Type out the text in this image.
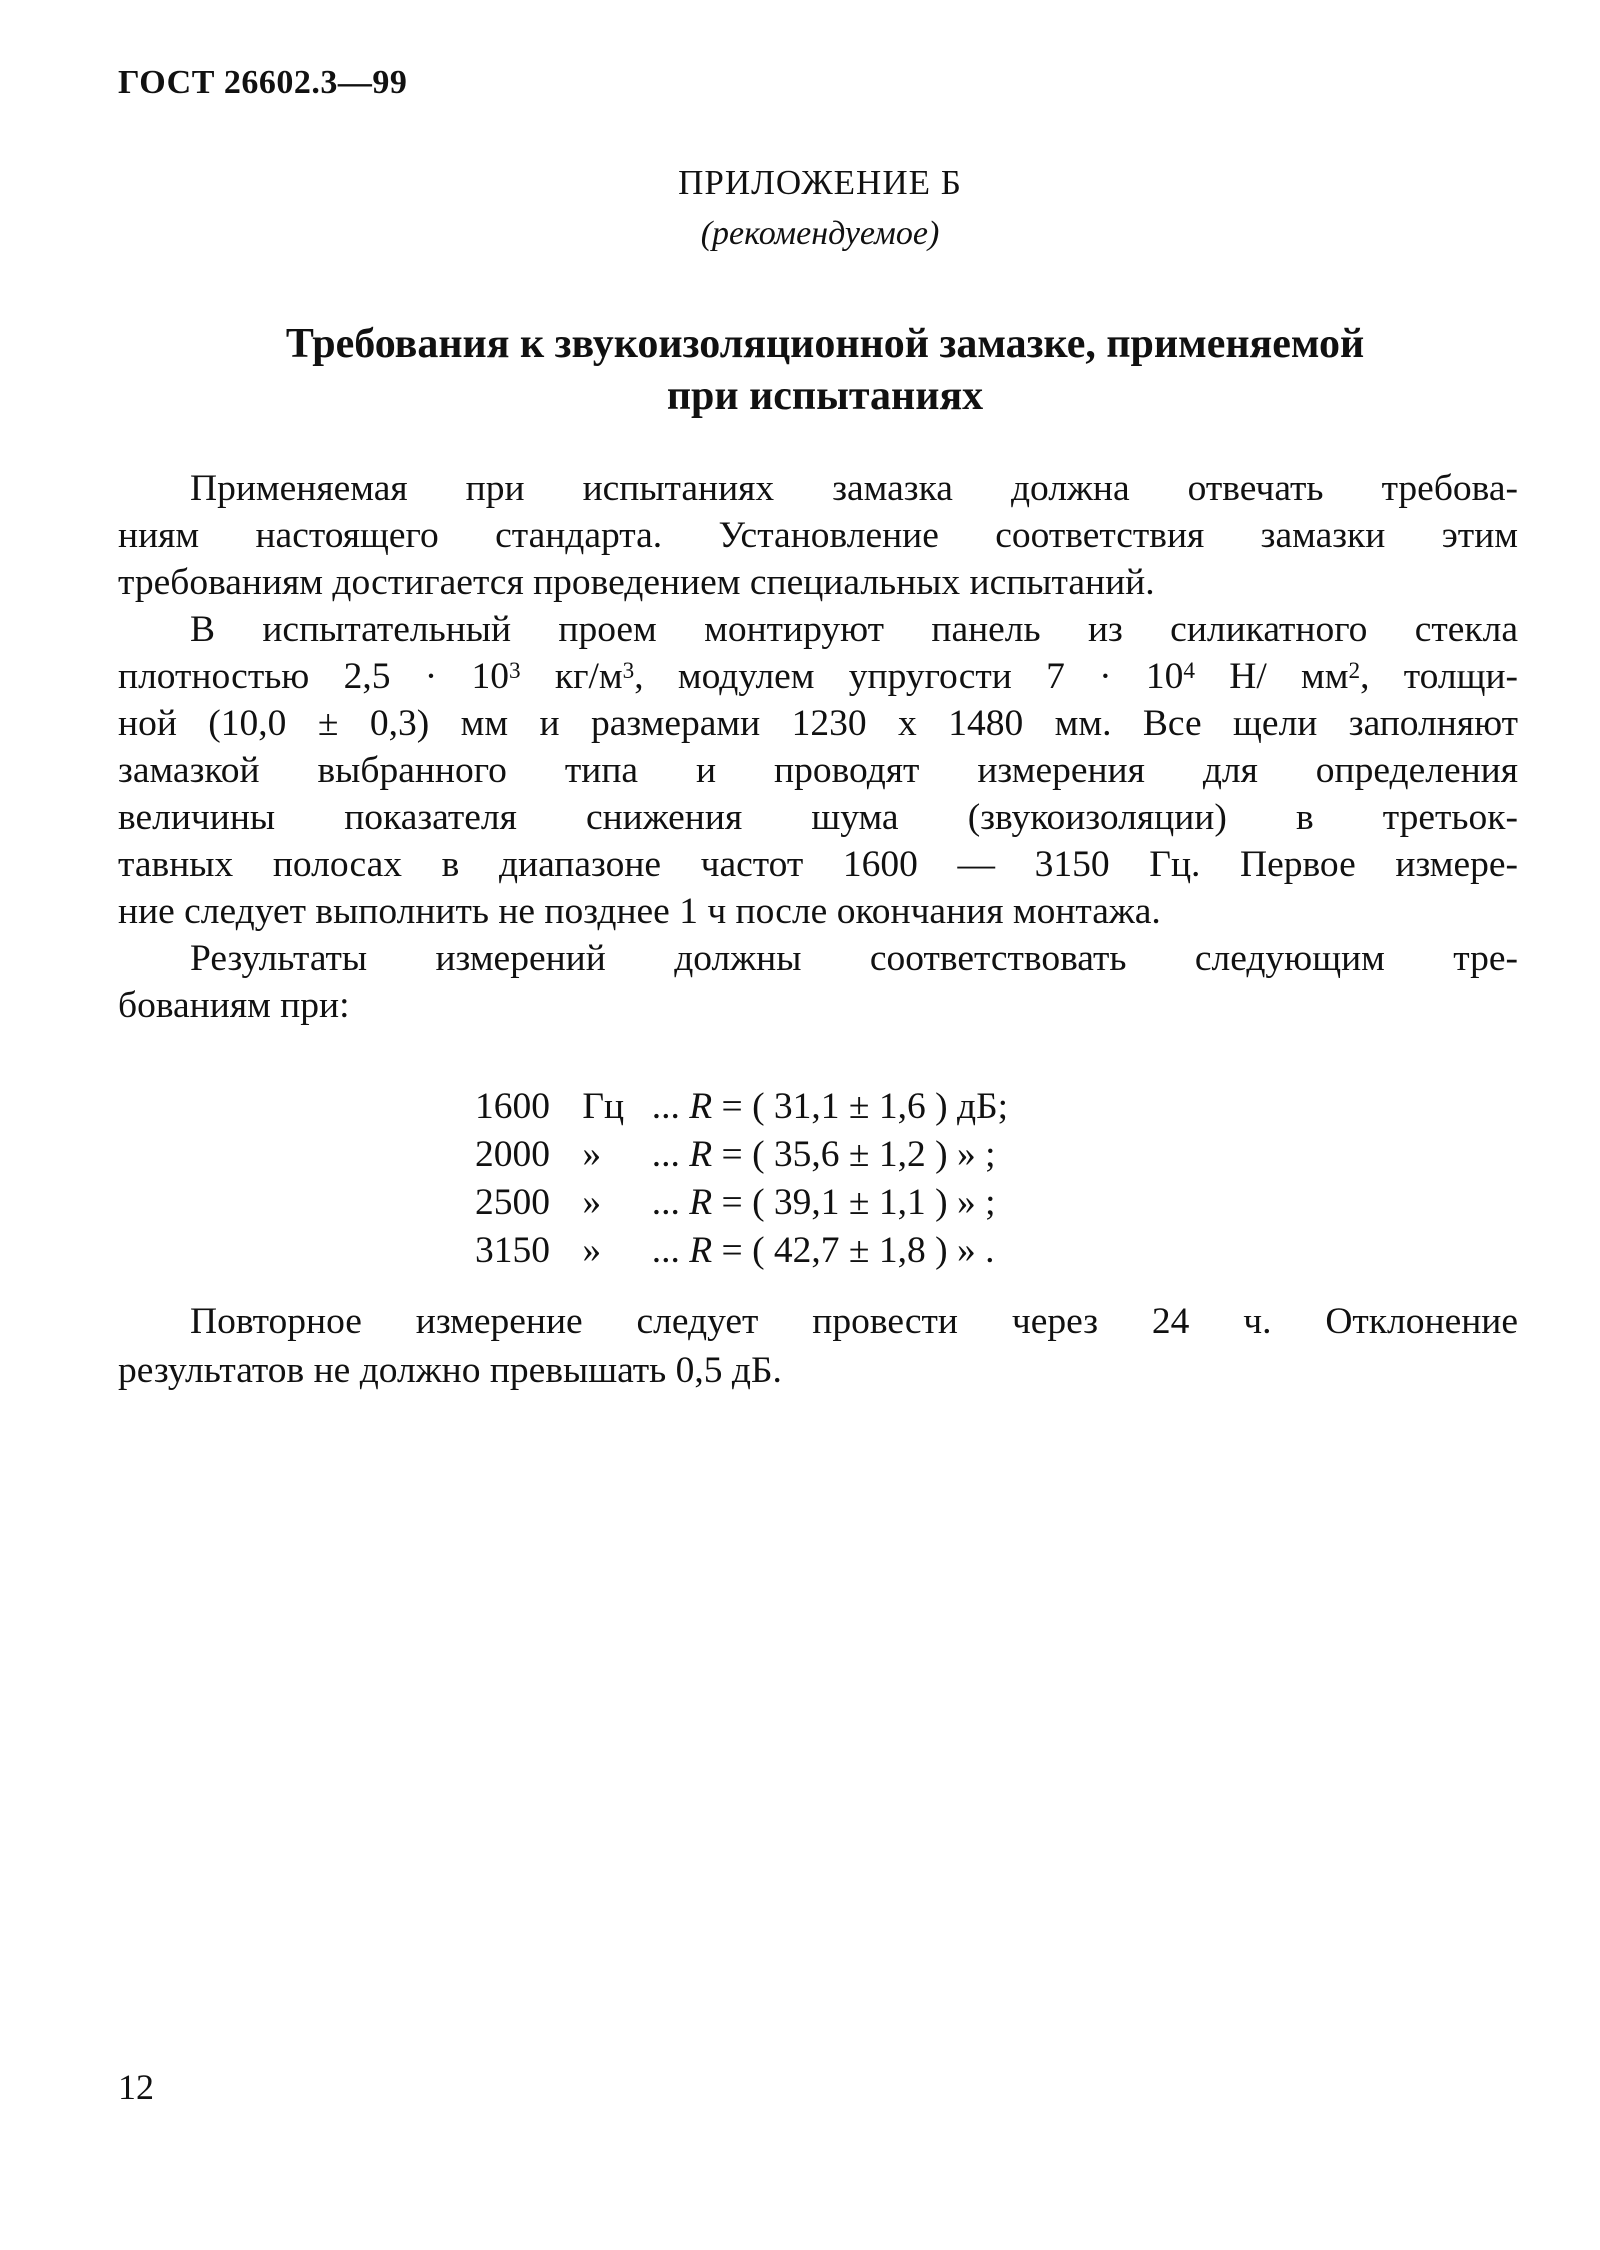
ГОСТ 26602.3—99
ПРИЛОЖЕНИЕ Б
(рекомендуемое)
Требования к звукоизоляционной замазке, применяемой
при испытаниях
Применяемая при испытаниях замазка должна отвечать требова-
ниям настоящего стандарта. Установление соответствия замазки этим
требованиям достигается проведением специальных испытаний.
В испытательный проем монтируют панель из силикатного стекла
плотностью $2,5 \cdot 10^3$ $кг/м^3$, модулем упругости $7 \cdot 10^4$ Н/ $мм^2$, толщи-
ной (10,0 ± 0,3) мм и размерами 1230 х 1480 мм. Все щели заполняют
замазкой выбранного типа и проводят измерения для определения
величины показателя снижения шума (звукоизоляции) в третьок-
тавных полосах в диапазоне частот 1600 — 3150 Гц. Первое измере-
ние следует выполнить не позднее 1 ч после окончания монтажа.
Результаты измерений должны соответствовать следующим тре-
бованиям при:
1600 Гц ... R = ( 31,1 ± 1,6 ) дБ;
2000 » ... R = ( 35,6 ± 1,2 ) » ;
2500 » ... R = ( 39,1 ± 1,1 ) » ;
3150 » ... R = ( 42,7 ± 1,8 ) » .
Повторное измерение следует провести через 24 ч. Отклонение
результатов не должно превышать 0,5 дБ.
12
